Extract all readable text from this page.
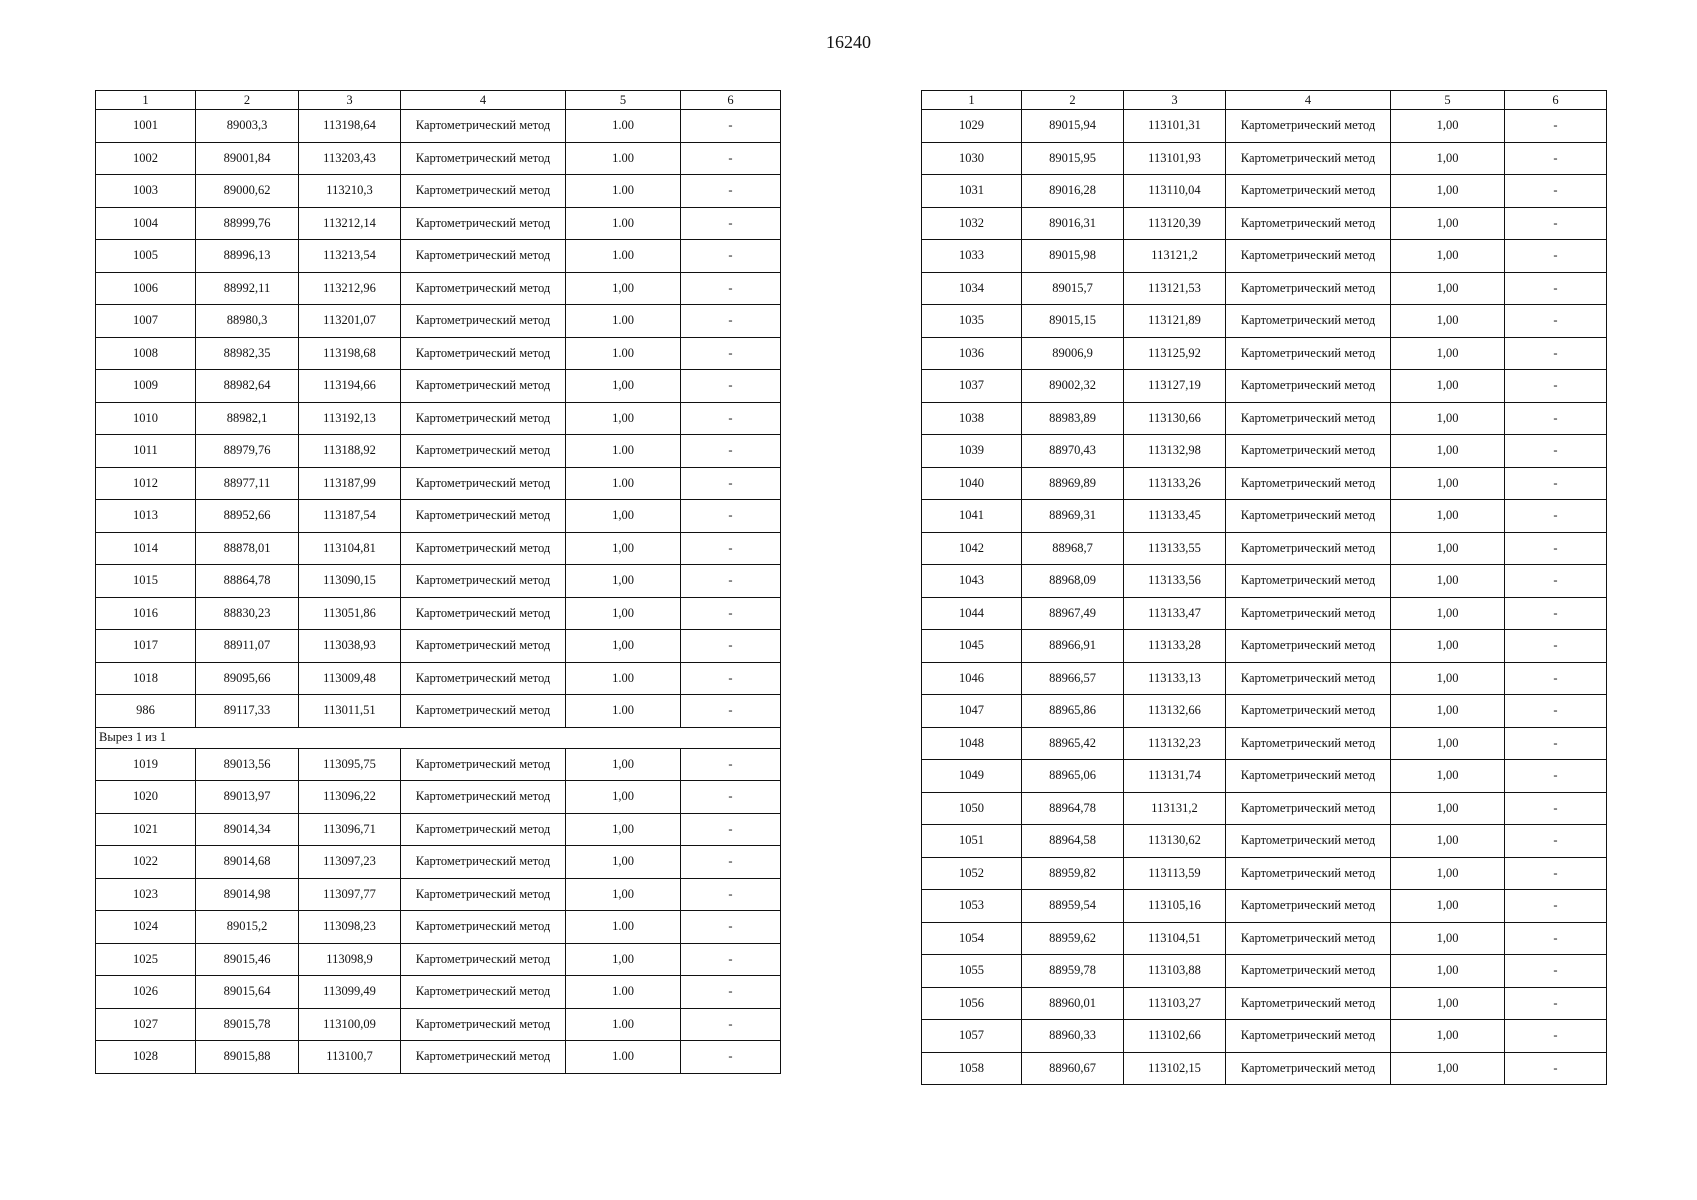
16240
1	2	3	4	5	6
1001	89003,3	113198,64	Картометрический метод	1.00	-
1002	89001,84	113203,43	Картометрический метод	1.00	-
1003	89000,62	113210,3	Картометрический метод	1.00	-
1004	88999,76	113212,14	Картометрический метод	1.00	-
1005	88996,13	113213,54	Картометрический метод	1.00	-
1006	88992,11	113212,96	Картометрический метод	1,00	-
1007	88980,3	113201,07	Картометрический метод	1.00	-
1008	88982,35	113198,68	Картометрический метод	1.00	-
1009	88982,64	113194,66	Картометрический метод	1,00	-
1010	88982,1	113192,13	Картометрический метод	1,00	-
1011	88979,76	113188,92	Картометрический метод	1.00	-
1012	88977,11	113187,99	Картометрический метод	1.00	-
1013	88952,66	113187,54	Картометрический метод	1,00	-
1014	88878,01	113104,81	Картометрический метод	1,00	-
1015	88864,78	113090,15	Картометрический метод	1,00	-
1016	88830,23	113051,86	Картометрический метод	1,00	-
1017	88911,07	113038,93	Картометрический метод	1,00	-
1018	89095,66	113009,48	Картометрический метод	1.00	-
986	89117,33	113011,51	Картометрический метод	1.00	-
Вырез 1 из 1					
1019	89013,56	113095,75	Картометрический метод	1,00	-
1020	89013,97	113096,22	Картометрический метод	1,00	-
1021	89014,34	113096,71	Картометрический метод	1,00	-
1022	89014,68	113097,23	Картометрический метод	1,00	-
1023	89014,98	113097,77	Картометрический метод	1,00	-
1024	89015,2	113098,23	Картометрический метод	1.00	-
1025	89015,46	113098,9	Картометрический метод	1,00	-
1026	89015,64	113099,49	Картометрический метод	1.00	-
1027	89015,78	113100,09	Картометрический метод	1.00	-
1028	89015,88	113100,7	Картометрический метод	1.00	-
1	2	3	4	5	6
1029	89015,94	113101,31	Картометрический метод	1,00	-
1030	89015,95	113101,93	Картометрический метод	1,00	-
1031	89016,28	113110,04	Картометрический метод	1,00	-
1032	89016,31	113120,39	Картометрический метод	1,00	-
1033	89015,98	113121,2	Картометрический метод	1,00	-
1034	89015,7	113121,53	Картометрический метод	1,00	-
1035	89015,15	113121,89	Картометрический метод	1,00	-
1036	89006,9	113125,92	Картометрический метод	1,00	-
1037	89002,32	113127,19	Картометрический метод	1,00	-
1038	88983,89	113130,66	Картометрический метод	1,00	-
1039	88970,43	113132,98	Картометрический метод	1,00	-
1040	88969,89	113133,26	Картометрический метод	1,00	-
1041	88969,31	113133,45	Картометрический метод	1,00	-
1042	88968,7	113133,55	Картометрический метод	1,00	-
1043	88968,09	113133,56	Картометрический метод	1,00	-
1044	88967,49	113133,47	Картометрический метод	1,00	-
1045	88966,91	113133,28	Картометрический метод	1,00	-
1046	88966,57	113133,13	Картометрический метод	1,00	-
1047	88965,86	113132,66	Картометрический метод	1,00	-
1048	88965,42	113132,23	Картометрический метод	1,00	-
1049	88965,06	113131,74	Картометрический метод	1,00	-
1050	88964,78	113131,2	Картометрический метод	1,00	-
1051	88964,58	113130,62	Картометрический метод	1,00	-
1052	88959,82	113113,59	Картометрический метод	1,00	-
1053	88959,54	113105,16	Картометрический метод	1,00	-
1054	88959,62	113104,51	Картометрический метод	1,00	-
1055	88959,78	113103,88	Картометрический метод	1,00	-
1056	88960,01	113103,27	Картометрический метод	1,00	-
1057	88960,33	113102,66	Картометрический метод	1,00	-
1058	88960,67	113102,15	Картометрический метод	1,00	-
